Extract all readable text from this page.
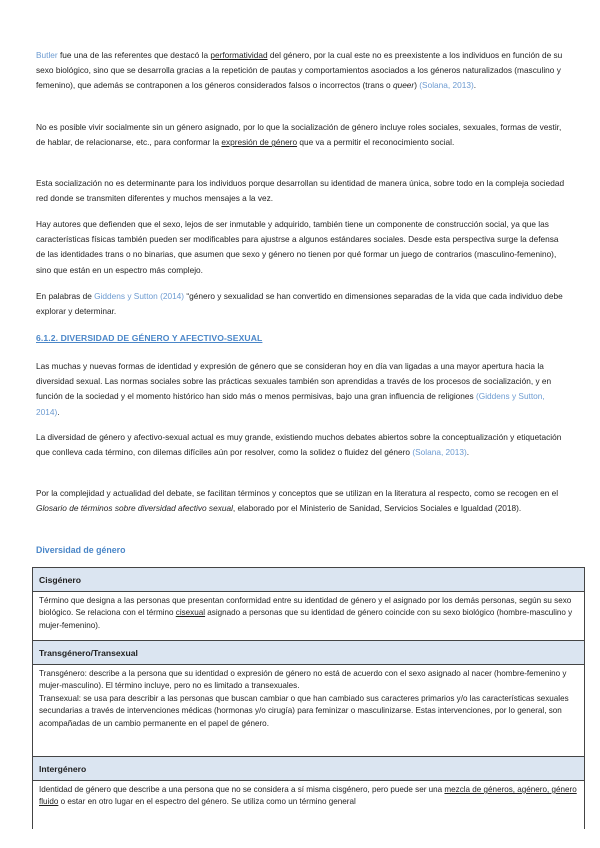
Butler fue una de las referentes que destacó la performatividad del género, por la cual este no es preexistente a los individuos en función de su sexo biológico, sino que se desarrolla gracias a la repetición de pautas y comportamientos asociados a los géneros naturalizados (masculino y femenino), que además se contraponen a los géneros considerados falsos o incorrectos (trans o queer) (Solana, 2013).

No es posible vivir socialmente sin un género asignado, por lo que la socialización de género incluye roles sociales, sexuales, formas de vestir, de hablar, de relacionarse, etc., para conformar la expresión de género que va a permitir el reconocimiento social.

Esta socialización no es determinante para los individuos porque desarrollan su identidad de manera única, sobre todo en la compleja sociedad red donde se transmiten diferentes y muchos mensajes a la vez.

Hay autores que defienden que el sexo, lejos de ser inmutable y adquirido, también tiene un componente de construcción social, ya que las características físicas también pueden ser modificables para ajustrse a algunos estándares sociales. Desde esta perspectiva surge la defensa de las identidades trans o no binarias, que asumen que sexo y género no tienen por qué formar un juego de contrarios (masculino-femenino), sino que están en un espectro más complejo.

En palabras de Giddens y Sutton (2014) “género y sexualidad se han convertido en dimensiones separadas de la vida que cada individuo debe explorar y determinar.

6.1.2. DIVERSIDAD DE GÉNERO Y AFECTIVO-SEXUAL

Las muchas y nuevas formas de identidad y expresión de género que se consideran hoy en día van ligadas a una mayor apertura hacia la diversidad sexual. Las normas sociales sobre las prácticas sexuales también son aprendidas a través de los procesos de socialización, y en función de la sociedad y el momento histórico han sido más o menos permisivas, bajo una gran influencia de religiones (Giddens y Sutton, 2014).

La diversidad de género y afectivo-sexual actual es muy grande, existiendo muchos debates abiertos sobre la conceptualización y etiquetación que conlleva cada término, con dilemas difíciles aún por resolver, como la solidez o fluidez del género (Solana, 2013).

Por la complejidad y actualidad del debate, se facilitan términos y conceptos que se utilizan en la literatura al respecto, como se recogen en el Glosario de términos sobre diversidad afectivo sexual, elaborado por el Ministerio de Sanidad, Servicios Sociales e Igualdad (2018).

Diversidad de género

Cisgénero

Término que designa a las personas que presentan conformidad entre su identidad de género y el asignado por los demás personas, según su sexo biológico. Se relaciona con el término cisexual asignado a personas que su identidad de género coincide con su sexo biológico (hombre-masculino y mujer-femenino).

Transgénero/Transexual

Transgénero: describe a la persona que su identidad o expresión de género no está de acuerdo con el sexo asignado al nacer (hombre-femenino y mujer-masculino). El término incluye, pero no es limitado a transexuales.

Transexual: se usa para describir a las personas que buscan cambiar o que han cambiado sus caracteres primarios y/o las características sexuales secundarias a través de intervenciones médicas (hormonas y/o cirugía) para feminizar o masculinizarse. Estas intervenciones, por lo general, son acompañadas de un cambio permanente en el papel de género.

Intergénero

Identidad de género que describe a una persona que no se considera a sí misma cisgénero, pero puede ser una mezcla de géneros, agénero, género fluido o estar en otro lugar en el espectro del género. Se utiliza como un término general
